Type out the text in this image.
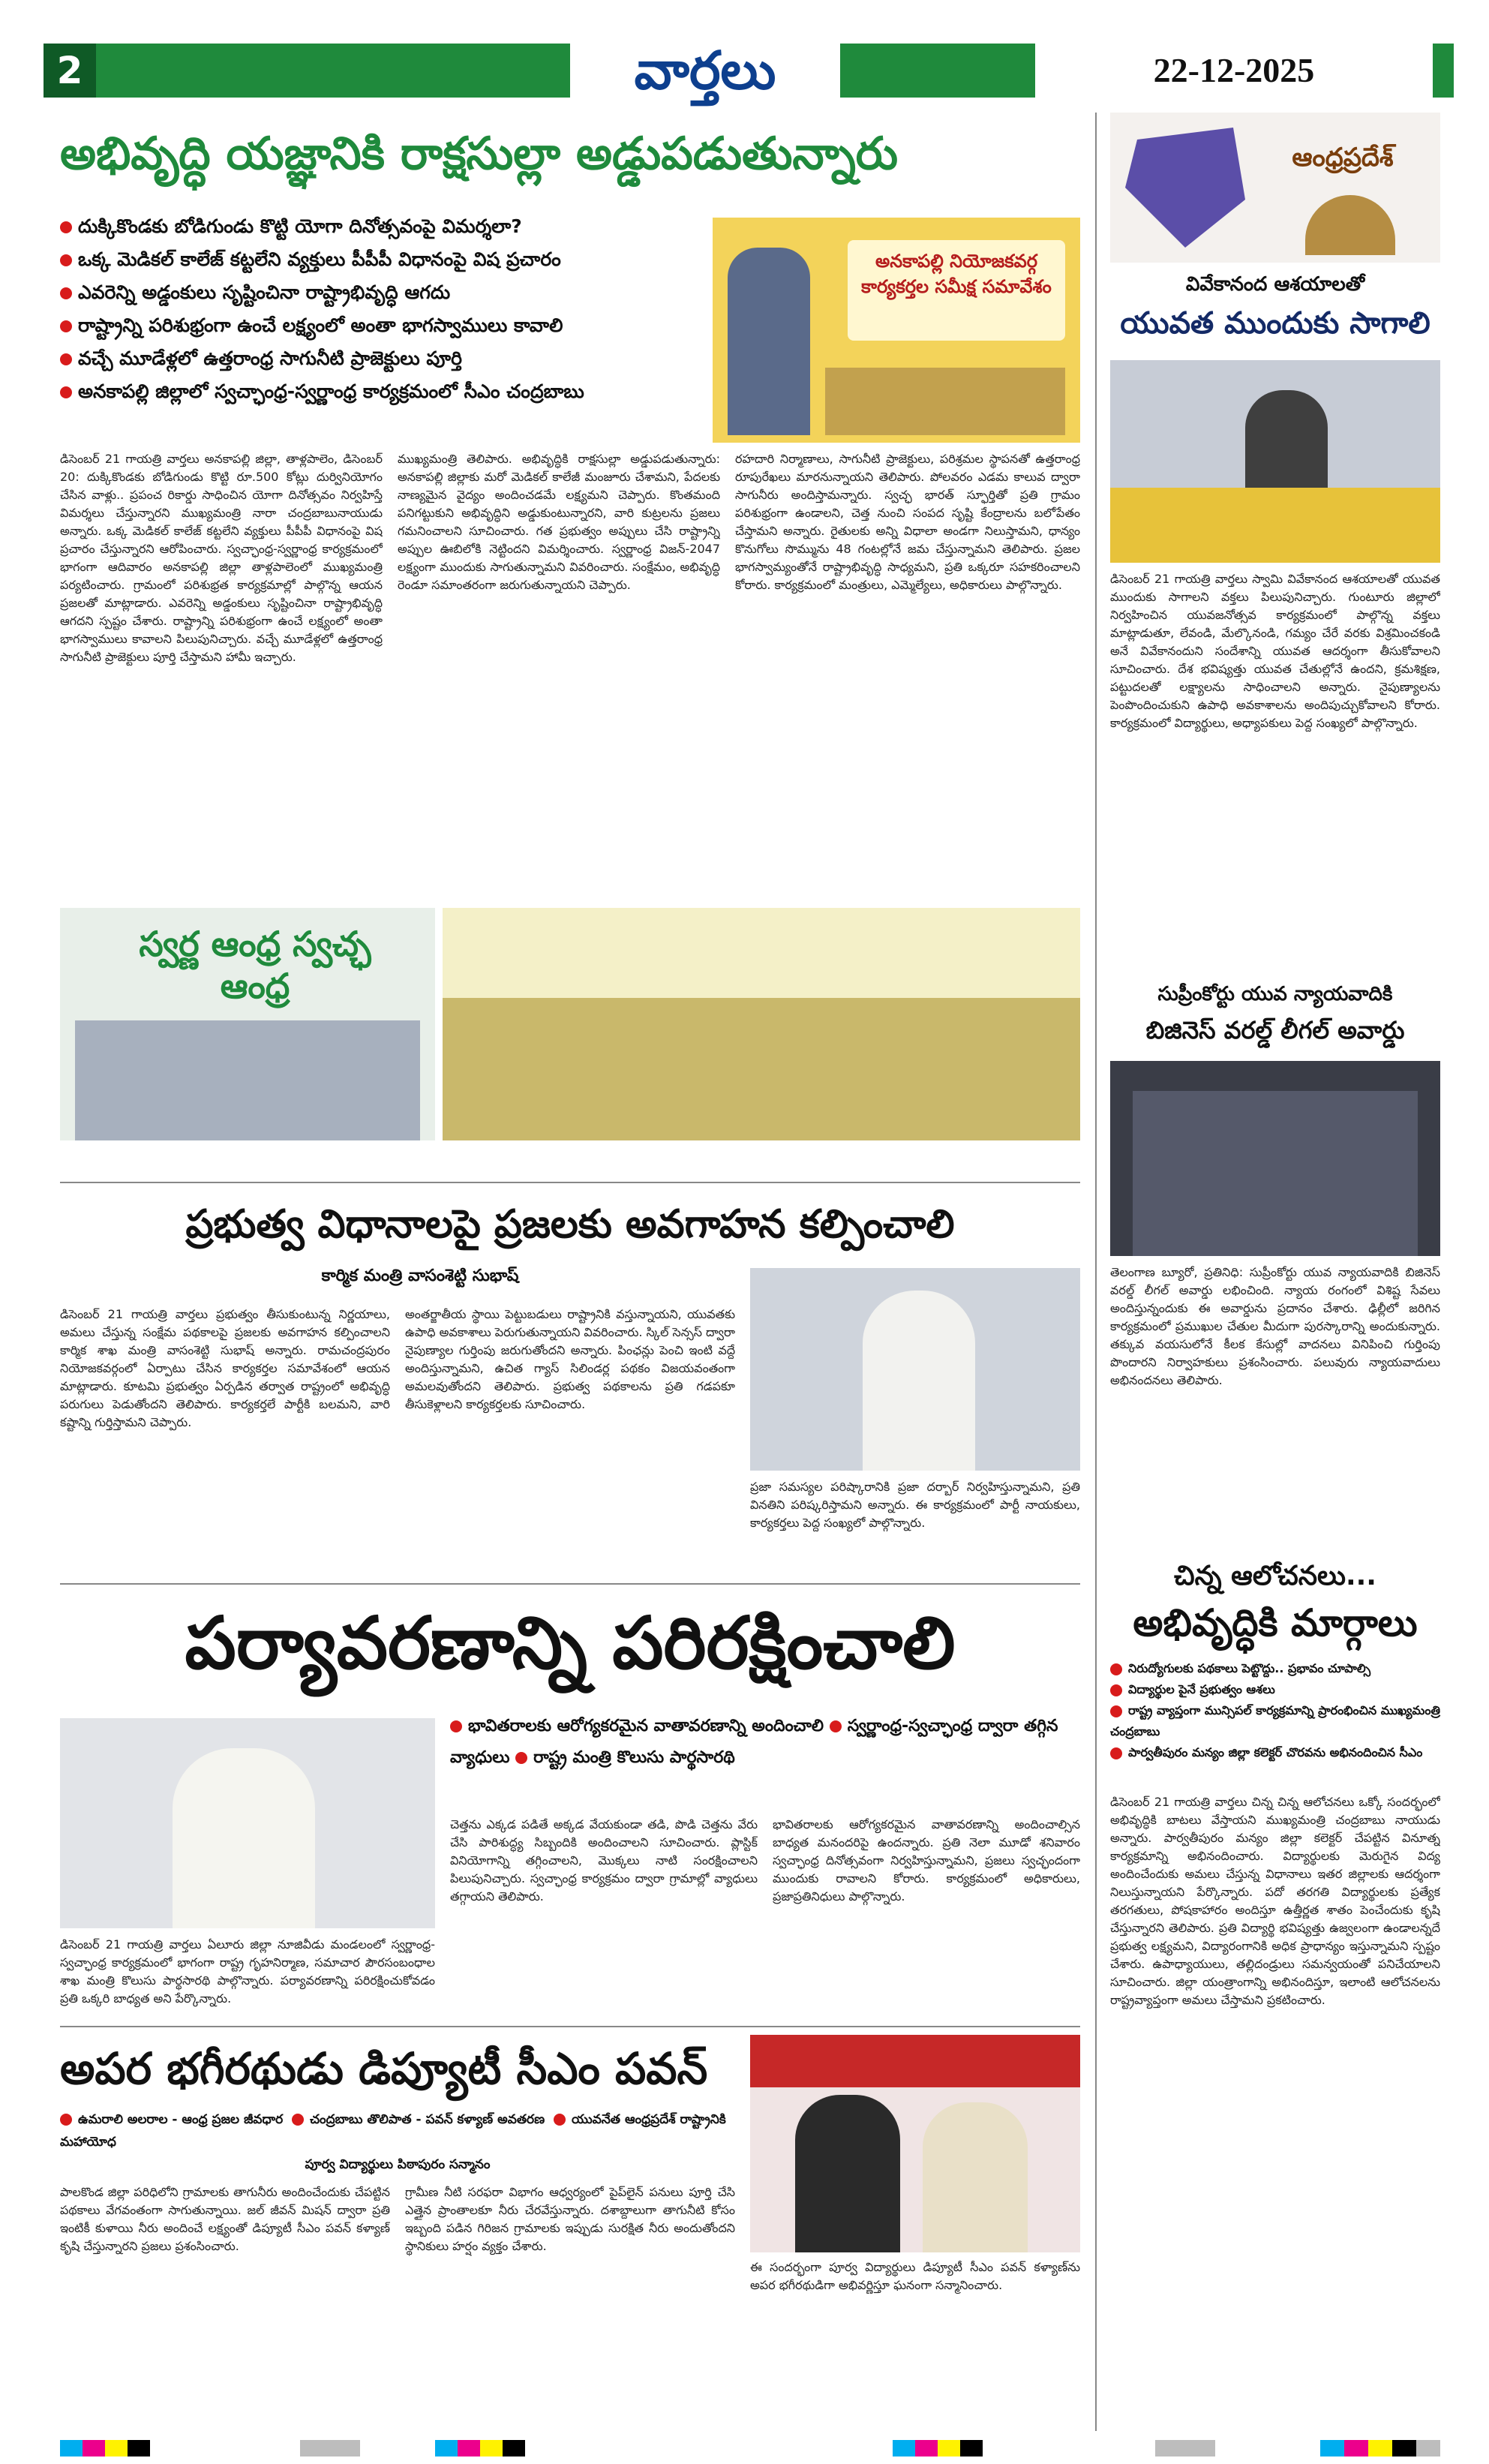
2	వార్తలు	22-12-2025
అభివృద్ధి యజ్ఞానికి రాక్షసుల్లా అడ్డుపడుతున్నారు
దుక్కికొండకు బోడిగుండు కొట్టి యోగా దినోత్సవంపై విమర్శలా?
ఒక్క మెడికల్ కాలేజ్ కట్టలేని వ్యక్తులు పీపీపీ విధానంపై విష ప్రచారం
ఎవరెన్ని అడ్డంకులు సృష్టించినా రాష్ట్రాభివృద్ధి ఆగదు
రాష్ట్రాన్ని పరిశుభ్రంగా ఉంచే లక్ష్యంలో అంతా భాగస్వాములు కావాలి
వచ్చే మూడేళ్లలో ఉత్తరాంధ్ర సాగునీటి ప్రాజెక్టులు పూర్తి
అనకాపల్లి జిల్లాలో స్వచ్ఛాంధ్ర-స్వర్ణాంధ్ర కార్యక్రమంలో సీఎం చంద్రబాబు
అనకాపల్లి నియోజకవర్గ కార్యకర్తల సమీక్ష సమావేశం
డిసెంబర్ 21 గాయత్రి వార్తలు అనకాపల్లి జిల్లా, తాళ్లపాలెం, డిసెంబర్ 20: దుక్కికొండకు బోడిగుండు కొట్టి రూ.500 కోట్లు దుర్వినియోగం చేసిన వాళ్లు.. ప్రపంచ రికార్డు సాధించిన యోగా దినోత్సవం నిర్వహిస్తే విమర్శలు చేస్తున్నారని ముఖ్యమంత్రి నారా చంద్రబాబునాయుడు అన్నారు. ఒక్క మెడికల్ కాలేజ్ కట్టలేని వ్యక్తులు పీపీపీ విధానంపై విష ప్రచారం చేస్తున్నారని ఆరోపించారు. స్వచ్ఛాంధ్ర-స్వర్ణాంధ్ర కార్యక్రమంలో భాగంగా ఆదివారం అనకాపల్లి జిల్లా తాళ్లపాలెంలో ముఖ్యమంత్రి పర్యటించారు. గ్రామంలో పరిశుభ్రత కార్యక్రమాల్లో పాల్గొన్న ఆయన ప్రజలతో మాట్లాడారు. ఎవరెన్ని అడ్డంకులు సృష్టించినా రాష్ట్రాభివృద్ధి ఆగదని స్పష్టం చేశారు. రాష్ట్రాన్ని పరిశుభ్రంగా ఉంచే లక్ష్యంలో అంతా భాగస్వాములు కావాలని పిలుపునిచ్చారు. వచ్చే మూడేళ్లలో ఉత్తరాంధ్ర సాగునీటి ప్రాజెక్టులు పూర్తి చేస్తామని హామీ ఇచ్చారు.
ముఖ్యమంత్రి తెలిపారు. అభివృద్ధికి రాక్షసుల్లా అడ్డుపడుతున్నారు: అనకాపల్లి జిల్లాకు మరో మెడికల్ కాలేజీ మంజూరు చేశామని, పేదలకు నాణ్యమైన వైద్యం అందించడమే లక్ష్యమని చెప్పారు. కొంతమంది పనిగట్టుకుని అభివృద్ధిని అడ్డుకుంటున్నారని, వారి కుట్రలను ప్రజలు గమనించాలని సూచించారు. గత ప్రభుత్వం అప్పులు చేసి రాష్ట్రాన్ని అప్పుల ఊబిలోకి నెట్టిందని విమర్శించారు. స్వర్ణాంధ్ర విజన్-2047 లక్ష్యంగా ముందుకు సాగుతున్నామని వివరించారు. సంక్షేమం, అభివృద్ధి రెండూ సమాంతరంగా జరుగుతున్నాయని చెప్పారు.
రహదారి నిర్మాణాలు, సాగునీటి ప్రాజెక్టులు, పరిశ్రమల స్థాపనతో ఉత్తరాంధ్ర రూపురేఖలు మారనున్నాయని తెలిపారు. పోలవరం ఎడమ కాలువ ద్వారా సాగునీరు అందిస్తామన్నారు. స్వచ్ఛ భారత్ స్ఫూర్తితో ప్రతి గ్రామం పరిశుభ్రంగా ఉండాలని, చెత్త నుంచి సంపద సృష్టి కేంద్రాలను బలోపేతం చేస్తామని అన్నారు. రైతులకు అన్ని విధాలా అండగా నిలుస్తామని, ధాన్యం కొనుగోలు సొమ్మును 48 గంటల్లోనే జమ చేస్తున్నామని తెలిపారు. ప్రజల భాగస్వామ్యంతోనే రాష్ట్రాభివృద్ధి సాధ్యమని, ప్రతి ఒక్కరూ సహకరించాలని కోరారు. కార్యక్రమంలో మంత్రులు, ఎమ్మెల్యేలు, అధికారులు పాల్గొన్నారు.
స్వర్ణ ఆంధ్ర స్వచ్ఛ ఆంధ్ర
ప్రభుత్వ విధానాలపై ప్రజలకు అవగాహన కల్పించాలి
కార్మిక మంత్రి వాసంశెట్టి సుభాష్
డిసెంబర్ 21 గాయత్రి వార్తలు ప్రభుత్వం తీసుకుంటున్న నిర్ణయాలు, అమలు చేస్తున్న సంక్షేమ పథకాలపై ప్రజలకు అవగాహన కల్పించాలని కార్మిక శాఖ మంత్రి వాసంశెట్టి సుభాష్ అన్నారు. రామచంద్రపురం నియోజకవర్గంలో ఏర్పాటు చేసిన కార్యకర్తల సమావేశంలో ఆయన మాట్లాడారు. కూటమి ప్రభుత్వం ఏర్పడిన తర్వాత రాష్ట్రంలో అభివృద్ధి పరుగులు పెడుతోందని తెలిపారు. కార్యకర్తలే పార్టీకి బలమని, వారి కష్టాన్ని గుర్తిస్తామని చెప్పారు.
అంతర్జాతీయ స్థాయి పెట్టుబడులు రాష్ట్రానికి వస్తున్నాయని, యువతకు ఉపాధి అవకాశాలు పెరుగుతున్నాయని వివరించారు. స్కిల్ సెన్సస్ ద్వారా నైపుణ్యాల గుర్తింపు జరుగుతోందని అన్నారు. పింఛన్లు పెంచి ఇంటి వద్దే అందిస్తున్నామని, ఉచిత గ్యాస్ సిలిండర్ల పథకం విజయవంతంగా అమలవుతోందని తెలిపారు. ప్రభుత్వ పథకాలను ప్రతి గడపకూ తీసుకెళ్లాలని కార్యకర్తలకు సూచించారు.
ప్రజా సమస్యల పరిష్కారానికి ప్రజా దర్బార్ నిర్వహిస్తున్నామని, ప్రతి వినతిని పరిష్కరిస్తామని అన్నారు. ఈ కార్యక్రమంలో పార్టీ నాయకులు, కార్యకర్తలు పెద్ద సంఖ్యలో పాల్గొన్నారు.
పర్యావరణాన్ని పరిరక్షించాలి
భావితరాలకు ఆరోగ్యకరమైన వాతావరణాన్ని అందించాలి స్వర్ణాంధ్ర-స్వచ్ఛాంధ్ర ద్వారా తగ్గిన వ్యాధులు రాష్ట్ర మంత్రి కొలుసు పార్థసారథి
డిసెంబర్ 21 గాయత్రి వార్తలు ఏలూరు జిల్లా నూజివీడు మండలంలో స్వర్ణాంధ్ర-స్వచ్ఛాంధ్ర కార్యక్రమంలో భాగంగా రాష్ట్ర గృహనిర్మాణ, సమాచార పౌరసంబంధాల శాఖ మంత్రి కొలుసు పార్థసారథి పాల్గొన్నారు. పర్యావరణాన్ని పరిరక్షించుకోవడం ప్రతి ఒక్కరి బాధ్యత అని పేర్కొన్నారు.
చెత్తను ఎక్కడ పడితే అక్కడ వేయకుండా తడి, పొడి చెత్తను వేరు చేసి పారిశుద్ధ్య సిబ్బందికి అందించాలని సూచించారు. ప్లాస్టిక్ వినియోగాన్ని తగ్గించాలని, మొక్కలు నాటి సంరక్షించాలని పిలుపునిచ్చారు. స్వచ్ఛాంధ్ర కార్యక్రమం ద్వారా గ్రామాల్లో వ్యాధులు తగ్గాయని తెలిపారు.
భావితరాలకు ఆరోగ్యకరమైన వాతావరణాన్ని అందించాల్సిన బాధ్యత మనందరిపై ఉందన్నారు. ప్రతి నెలా మూడో శనివారం స్వచ్ఛాంధ్ర దినోత్సవంగా నిర్వహిస్తున్నామని, ప్రజలు స్వచ్ఛందంగా ముందుకు రావాలని కోరారు. కార్యక్రమంలో అధికారులు, ప్రజాప్రతినిధులు పాల్గొన్నారు.
అపర భగీరథుడు డిప్యూటీ సీఎం పవన్
ఉమరాలి అలరాల - ఆంధ్ర ప్రజల జీవధార చంద్రబాబు తొలిపాత - పవన్ కళ్యాణ్ అవతరణ యువనేత ఆంధ్రప్రదేశ్ రాష్ట్రానికి మహాయోధ
పూర్వ విద్యార్థులు పిఠాపురం సన్మానం
పాలకొండ జిల్లా పరిధిలోని గ్రామాలకు తాగునీరు అందించేందుకు చేపట్టిన పథకాలు వేగవంతంగా సాగుతున్నాయి. జల్ జీవన్ మిషన్ ద్వారా ప్రతి ఇంటికీ కుళాయి నీరు అందించే లక్ష్యంతో డిప్యూటీ సీఎం పవన్ కళ్యాణ్ కృషి చేస్తున్నారని ప్రజలు ప్రశంసించారు.
గ్రామీణ నీటి సరఫరా విభాగం ఆధ్వర్యంలో పైప్‌లైన్ పనులు పూర్తి చేసి ఎత్తైన ప్రాంతాలకూ నీరు చేరవేస్తున్నారు. దశాబ్దాలుగా తాగునీటి కోసం ఇబ్బంది పడిన గిరిజన గ్రామాలకు ఇప్పుడు సురక్షిత నీరు అందుతోందని స్థానికులు హర్షం వ్యక్తం చేశారు.
ఈ సందర్భంగా పూర్వ విద్యార్థులు డిప్యూటీ సీఎం పవన్ కళ్యాణ్‌ను అపర భగీరథుడిగా అభివర్ణిస్తూ ఘనంగా సన్మానించారు.
ఆంధ్రప్రదేశ్
వివేకానంద ఆశయాలతో
యువత ముందుకు సాగాలి
డిసెంబర్ 21 గాయత్రి వార్తలు స్వామి వివేకానంద ఆశయాలతో యువత ముందుకు సాగాలని వక్తలు పిలుపునిచ్చారు. గుంటూరు జిల్లాలో నిర్వహించిన యువజనోత్సవ కార్యక్రమంలో పాల్గొన్న వక్తలు మాట్లాడుతూ, లేవండి, మేల్కొనండి, గమ్యం చేరే వరకు విశ్రమించకండి అనే వివేకానందుని సందేశాన్ని యువత ఆదర్శంగా తీసుకోవాలని సూచించారు. దేశ భవిష్యత్తు యువత చేతుల్లోనే ఉందని, క్రమశిక్షణ, పట్టుదలతో లక్ష్యాలను సాధించాలని అన్నారు. నైపుణ్యాలను పెంపొందించుకుని ఉపాధి అవకాశాలను అందిపుచ్చుకోవాలని కోరారు. కార్యక్రమంలో విద్యార్థులు, అధ్యాపకులు పెద్ద సంఖ్యలో పాల్గొన్నారు.
సుప్రీంకోర్టు యువ న్యాయవాదికి
బిజినెస్ వరల్డ్ లీగల్ అవార్డు
తెలంగాణ బ్యూరో, ప్రతినిధి: సుప్రీంకోర్టు యువ న్యాయవాదికి బిజినెస్ వరల్డ్ లీగల్ అవార్డు లభించింది. న్యాయ రంగంలో విశిష్ట సేవలు అందిస్తున్నందుకు ఈ అవార్డును ప్రదానం చేశారు. ఢిల్లీలో జరిగిన కార్యక్రమంలో ప్రముఖుల చేతుల మీదుగా పురస్కారాన్ని అందుకున్నారు. తక్కువ వయసులోనే కీలక కేసుల్లో వాదనలు వినిపించి గుర్తింపు పొందారని నిర్వాహకులు ప్రశంసించారు. పలువురు న్యాయవాదులు అభినందనలు తెలిపారు.
చిన్న ఆలోచనలు...
అభివృద్ధికి మార్గాలు
నిరుద్యోగులకు పథకాలు పెట్టొద్దు.. ప్రభావం చూపాల్సి
విద్యార్థుల పైనే ప్రభుత్వం ఆశలు
రాష్ట్ర వ్యాప్తంగా మున్సిపల్ కార్యక్రమాన్ని ప్రారంభించిన ముఖ్యమంత్రి చంద్రబాబు
పార్వతీపురం మన్యం జిల్లా కలెక్టర్ చొరవను అభినందించిన సీఎం
డిసెంబర్ 21 గాయత్రి వార్తలు చిన్న చిన్న ఆలోచనలు ఒక్కో సందర్భంలో అభివృద్ధికి బాటలు వేస్తాయని ముఖ్యమంత్రి చంద్రబాబు నాయుడు అన్నారు. పార్వతీపురం మన్యం జిల్లా కలెక్టర్ చేపట్టిన వినూత్న కార్యక్రమాన్ని అభినందించారు. విద్యార్థులకు మెరుగైన విద్య అందించేందుకు అమలు చేస్తున్న విధానాలు ఇతర జిల్లాలకు ఆదర్శంగా నిలుస్తున్నాయని పేర్కొన్నారు. పదో తరగతి విద్యార్థులకు ప్రత్యేక తరగతులు, పోషకాహారం అందిస్తూ ఉత్తీర్ణత శాతం పెంచేందుకు కృషి చేస్తున్నారని తెలిపారు. ప్రతి విద్యార్థి భవిష్యత్తు ఉజ్వలంగా ఉండాలన్నదే ప్రభుత్వ లక్ష్యమని, విద్యారంగానికి అధిక ప్రాధాన్యం ఇస్తున్నామని స్పష్టం చేశారు. ఉపాధ్యాయులు, తల్లిదండ్రులు సమన్వయంతో పనిచేయాలని సూచించారు. జిల్లా యంత్రాంగాన్ని అభినందిస్తూ, ఇలాంటి ఆలోచనలను రాష్ట్రవ్యాప్తంగా అమలు చేస్తామని ప్రకటించారు.
